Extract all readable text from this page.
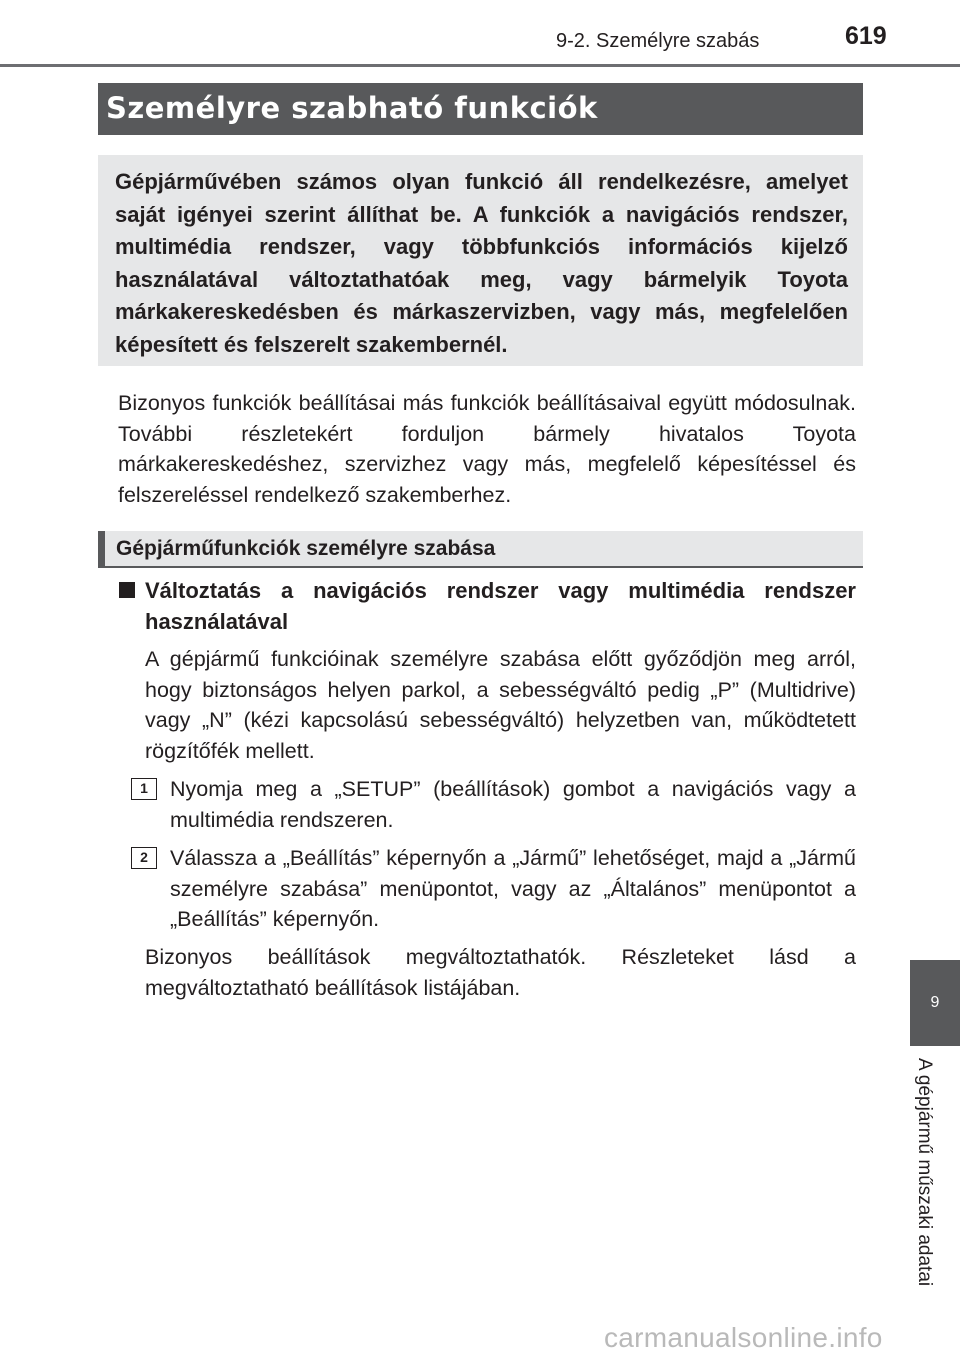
9-2. Személyre szabás	619
Személyre szabható funkciók
Gépjárművében számos olyan funkció áll rendelkezésre, amelyet saját igényei szerint állíthat be. A funkciók a navigációs rendszer, multimédia rendszer, vagy többfunkciós információs kijelző használatával változtathatóak meg, vagy bármelyik Toyota márkakereskedésben és márkaszervizben, vagy más, megfelelően képesített és felszerelt szakembernél.
Bizonyos funkciók beállításai más funkciók beállításaival együtt módosulnak. További részletekért forduljon bármely hivatalos Toyota márkakereskedéshez, szervizhez vagy más, megfelelő képesítéssel és felszereléssel rendelkező szakemberhez.
Gépjárműfunkciók személyre szabása
Változtatás a navigációs rendszer vagy multimédia rendszer használatával
A gépjármű funkcióinak személyre szabása előtt győződjön meg arról, hogy biztonságos helyen parkol, a sebességváltó pedig „P” (Multidrive) vagy „N” (kézi kapcsolású sebességváltó) helyzetben van, működtetett rögzítőfék mellett.
1	Nyomja meg a „SETUP” (beállítások) gombot a navigációs vagy a multimédia rendszeren.
2	Válassza a „Beállítás” képernyőn a „Jármű” lehetőséget, majd a „Jármű személyre szabása” menüpontot, vagy az „Általános” menüpontot a „Beállítás” képernyőn.
Bizonyos beállítások megváltoztathatók. Részleteket lásd a megváltoztatható beállítások listájában.
9
A gépjármű műszaki adatai
carmanualsonline.info
